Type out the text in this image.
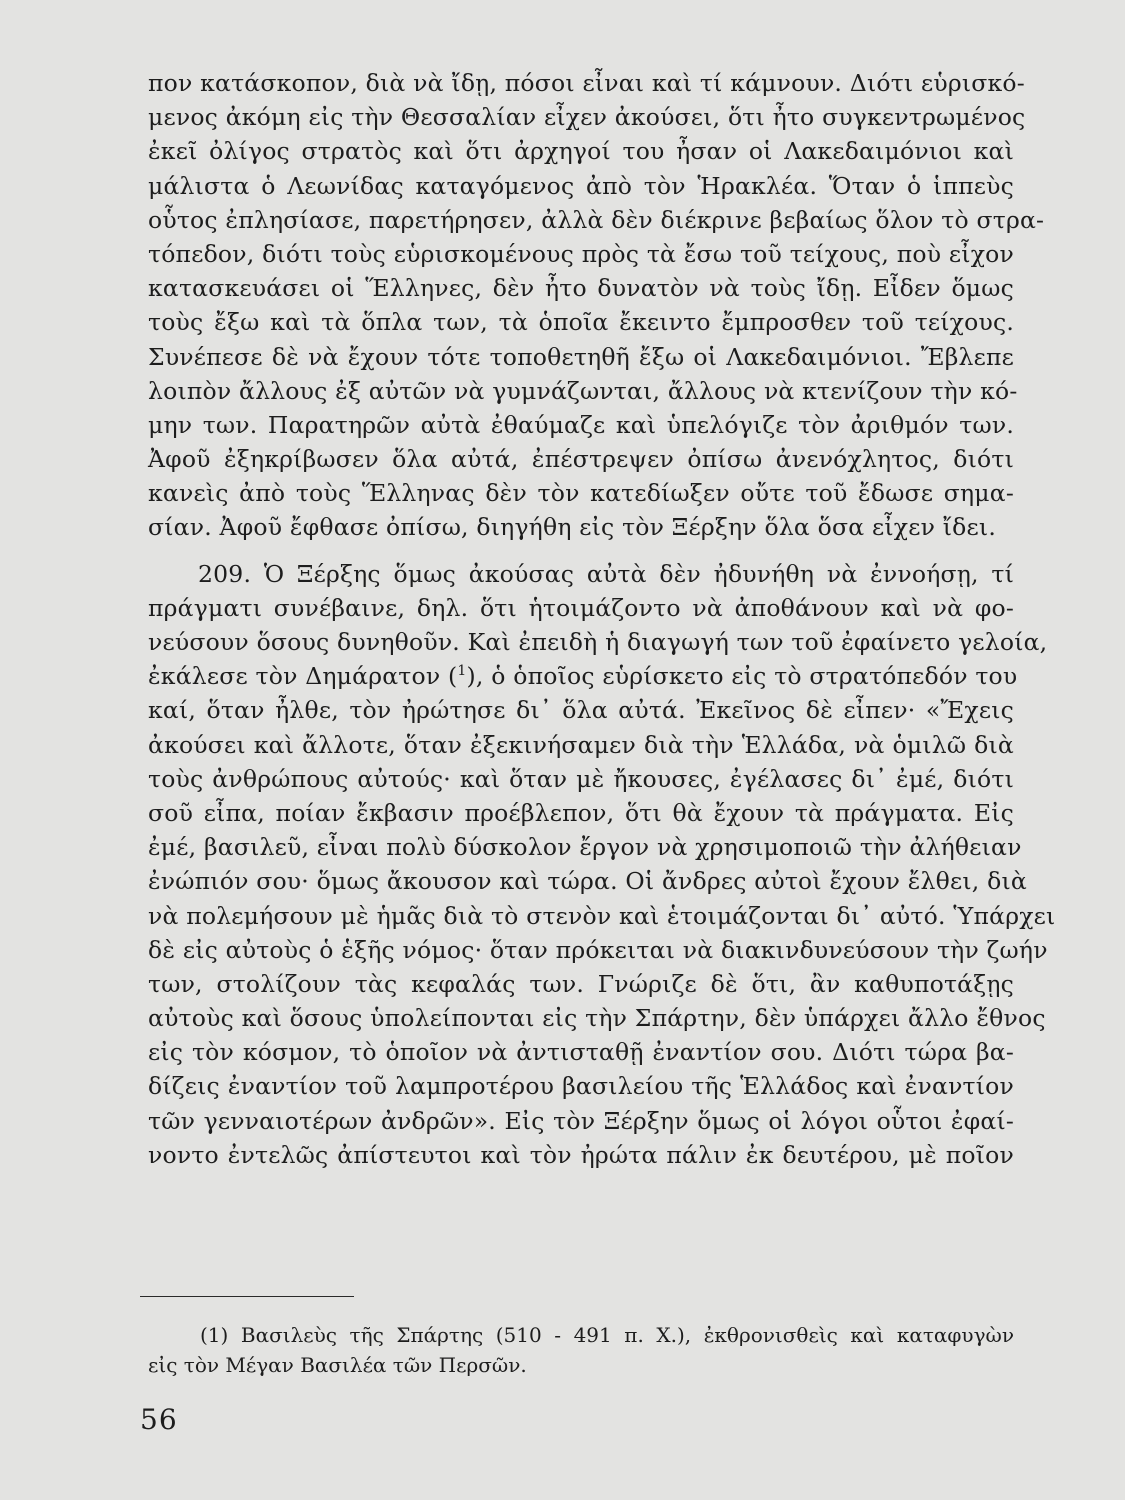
πον κατάσκοπον, διὰ νὰ ἴδῃ, πόσοι εἶναι καὶ τί κάμνουν. Διότι εὑρισκό-
μενος ἀκόμη εἰς τὴν Θεσσαλίαν εἶχεν ἀκούσει, ὅτι ἦτο συγκεντρωμένος
ἐκεῖ ὀλίγος στρατὸς καὶ ὅτι ἀρχηγοί του ἦσαν οἱ Λακεδαιμόνιοι καὶ
μάλιστα ὁ Λεωνίδας καταγόμενος ἀπὸ τὸν Ἡρακλέα. Ὅταν ὁ ἱππεὺς
οὗτος ἐπλησίασε, παρετήρησεν, ἀλλὰ δὲν διέκρινε βεβαίως ὅλον τὸ στρα-
τόπεδον, διότι τοὺς εὑρισκομένους πρὸς τὰ ἔσω τοῦ τείχους, ποὺ εἶχον
κατασκευάσει οἱ Ἕλληνες, δὲν ἦτο δυνατὸν νὰ τοὺς ἴδῃ. Εἶδεν ὅμως
τοὺς ἔξω καὶ τὰ ὅπλα των, τὰ ὁποῖα ἔκειντο ἔμπροσθεν τοῦ τείχους.
Συνέπεσε δὲ νὰ ἔχουν τότε τοποθετηθῆ ἔξω οἱ Λακεδαιμόνιοι. Ἔβλεπε
λοιπὸν ἄλλους ἐξ αὐτῶν νὰ γυμνάζωνται, ἄλλους νὰ κτενίζουν τὴν κό-
μην των. Παρατηρῶν αὐτὰ ἐθαύμαζε καὶ ὑπελόγιζε τὸν ἀριθμόν των.
Ἀφοῦ ἐξηκρίβωσεν ὅλα αὐτά, ἐπέστρεψεν ὀπίσω ἀνενόχλητος, διότι
κανεὶς ἀπὸ τοὺς Ἕλληνας δὲν τὸν κατεδίωξεν οὔτε τοῦ ἔδωσε σημα-
σίαν. Ἀφοῦ ἔφθασε ὀπίσω, διηγήθη εἰς τὸν Ξέρξην ὅλα ὅσα εἶχεν ἴδει.
209. Ὁ Ξέρξης ὅμως ἀκούσας αὐτὰ δὲν ἠδυνήθη νὰ ἐννοήσῃ, τί
πράγματι συνέβαινε, δηλ. ὅτι ἡτοιμάζοντο νὰ ἀποθάνουν καὶ νὰ φο-
νεύσουν ὅσους δυνηθοῦν. Καὶ ἐπειδὴ ἡ διαγωγή των τοῦ ἐφαίνετο γελοία,
ἐκάλεσε τὸν Δημάρατον ($^1$), ὁ ὁποῖος εὑρίσκετο εἰς τὸ στρατόπεδόν του
καί, ὅταν ἦλθε, τὸν ἠρώτησε δι᾽ ὅλα αὐτά. Ἐκεῖνος δὲ εἶπεν· «Ἔχεις
ἀκούσει καὶ ἄλλοτε, ὅταν ἐξεκινήσαμεν διὰ τὴν Ἑλλάδα, νὰ ὁμιλῶ διὰ
τοὺς ἀνθρώπους αὐτούς· καὶ ὅταν μὲ ἤκουσες, ἐγέλασες δι᾽ ἐμέ, διότι
σοῦ εἶπα, ποίαν ἔκβασιν προέβλεπον, ὅτι θὰ ἔχουν τὰ πράγματα. Εἰς
ἐμέ, βασιλεῦ, εἶναι πολὺ δύσκολον ἔργον νὰ χρησιμοποιῶ τὴν ἀλήθειαν
ἐνώπιόν σου· ὅμως ἄκουσον καὶ τώρα. Οἱ ἄνδρες αὐτοὶ ἔχουν ἔλθει, διὰ
νὰ πολεμήσουν μὲ ἡμᾶς διὰ τὸ στενὸν καὶ ἑτοιμάζονται δι᾽ αὐτό. Ὑπάρχει
δὲ εἰς αὐτοὺς ὁ ἑξῆς νόμος· ὅταν πρόκειται νὰ διακινδυνεύσουν τὴν ζωήν
των, στολίζουν τὰς κεφαλάς των. Γνώριζε δὲ ὅτι, ἂν καθυποτάξῃς
αὐτοὺς καὶ ὅσους ὑπολείπονται εἰς τὴν Σπάρτην, δὲν ὑπάρχει ἄλλο ἔθνος
εἰς τὸν κόσμον, τὸ ὁποῖον νὰ ἀντισταθῇ ἐναντίον σου. Διότι τώρα βα-
δίζεις ἐναντίον τοῦ λαμπροτέρου βασιλείου τῆς Ἑλλάδος καὶ ἐναντίον
τῶν γενναιοτέρων ἀνδρῶν». Εἰς τὸν Ξέρξην ὅμως οἱ λόγοι οὗτοι ἐφαί-
νοντο ἐντελῶς ἀπίστευτοι καὶ τὸν ἠρώτα πάλιν ἐκ δευτέρου, μὲ ποῖον
(1) Βασιλεὺς τῆς Σπάρτης (510 - 491 π. Χ.), ἐκθρονισθεὶς καὶ καταφυγὼν
εἰς τὸν Μέγαν Βασιλέα τῶν Περσῶν.
56
